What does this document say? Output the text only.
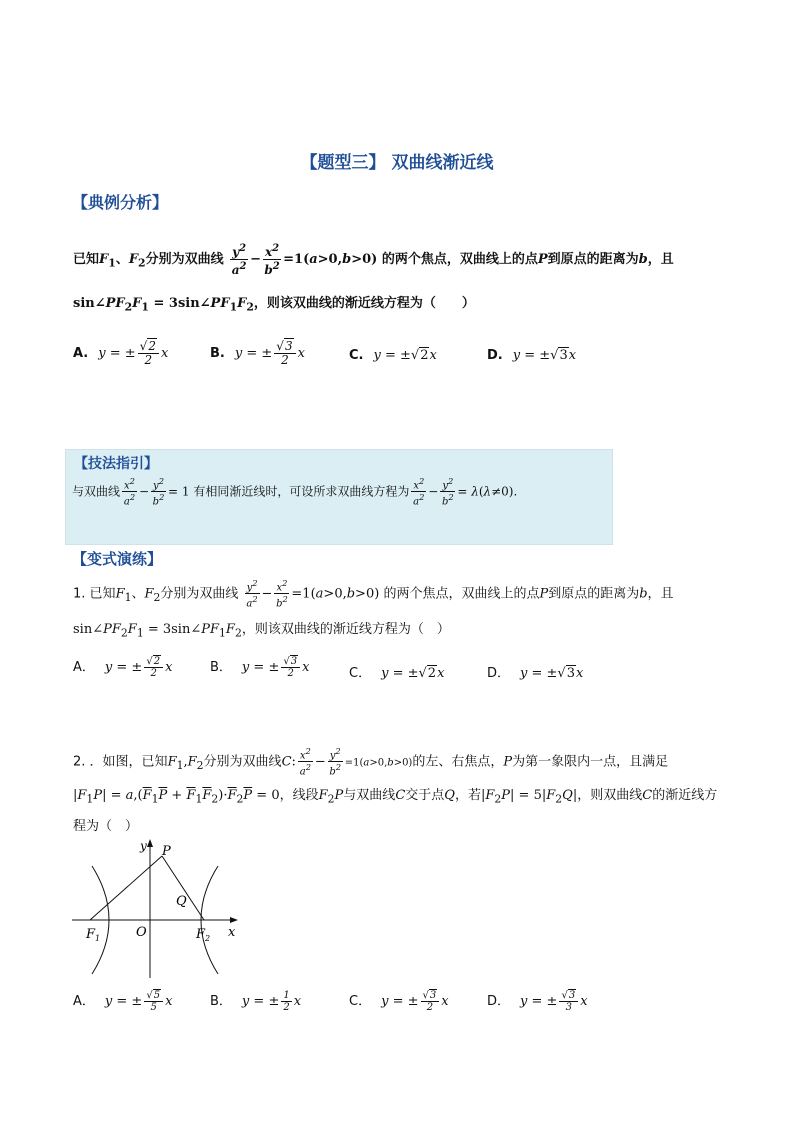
【题型三】 双曲线渐近线
【典例分析】
已知$F_1$、$F_2$分别为双曲线 $\frac{y^2}{a^2} - \frac{x^2}{b^2} =1(a>0,b>0)$ 的两个焦点，双曲线上的点P到原点的距离为b，且
$\sin\angle PF_2F_1$ = $3\sin\angle PF_1F_2$，则该双曲线的渐近线方程为（　　）
A. y = ± $\frac{√2}{2}$ x	B. y = ± $\frac{√3}{2}$ x	C. y = ±√2x	D. y = ±√3x
【技法指引】
与双曲线 $\frac{x^2}{a^2} - \frac{y^2}{b^2} = 1$ 有相同渐近线时，可设所求双曲线方程为 $\frac{x^2}{a^2} - \frac{y^2}{b^2} = \lambda(\lambda\ne 0)$.
【变式演练】
1. 已知$F_1$、$F_2$分别为双曲线 $\frac{y^2}{a^2} - \frac{x^2}{b^2} =1(a>0,b>0)$ 的两个焦点，双曲线上的点P到原点的距离为b，且
$\sin\angle PF_2F_1$ = $3\sin\angle PF_1F_2$，则该双曲线的渐近线方程为（　）
A． y = ± $\frac{√2}{2}$ x	B． y = ± $\frac{√3}{2}$ x	C． y = ±√2x	D． y = ±√3x
2. ．如图，已知$F_1,F_2$分别为双曲线C: $\frac{x^2}{a^2} - \frac{y^2}{b^2} =1(a>0,b>0)$的左、右焦点，P为第一象限内一点，且满足
$|F_1P| = a,(\overline{F}_1\overline{P} + \overline{F}_1\overline{F}_2)\cdot\overline{F}_2\overline{P} = 0$，线段$F_2P$与双曲线C交于点Q，若$|F_2P| = 5|F_2Q|$，则双曲线C的渐近线方
程为（　）
y
x
P
Q
O
F 1	F 2
A． y = ± $\frac{√5}{5}$ x	B． y = ± $\frac{1}{2}$ x	C． y = ± $\frac{√3}{2}$ x	D． y = ± $\frac{√3}{3}$ x
